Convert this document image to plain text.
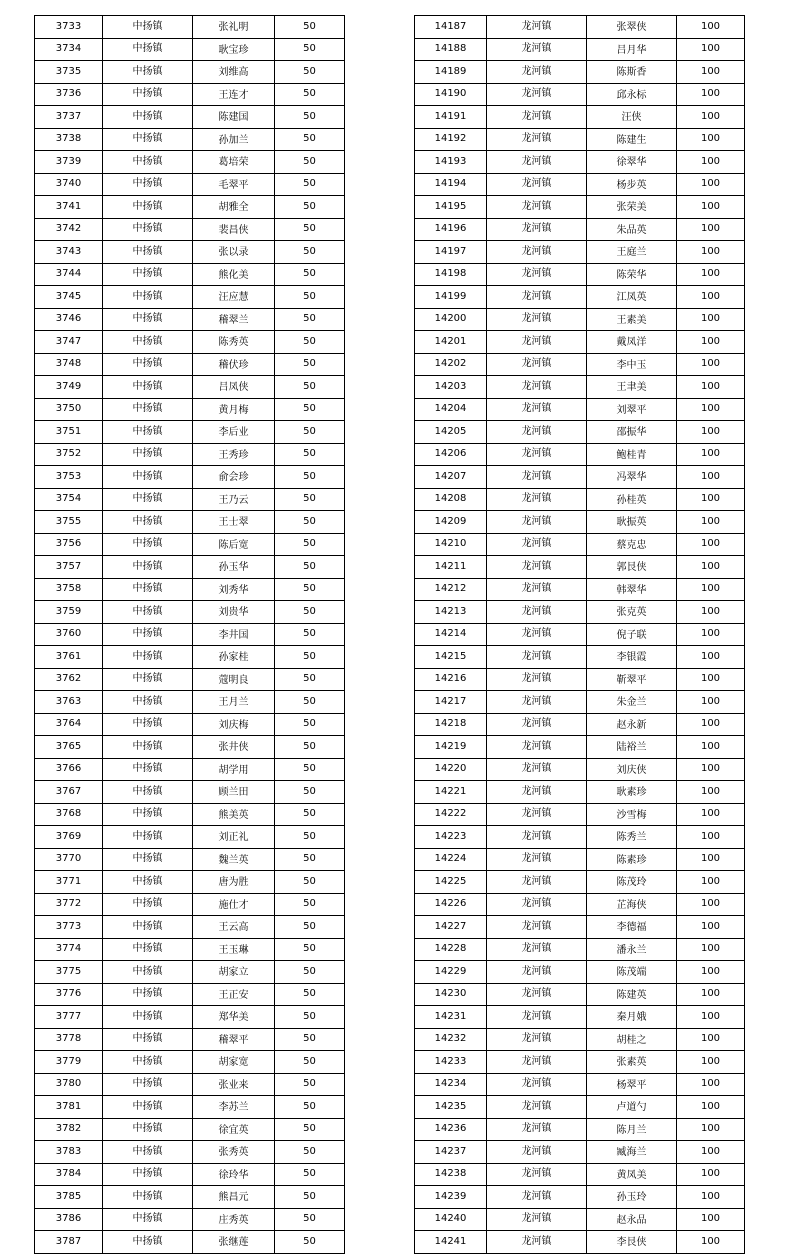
3733	中扬镇	张礼明	50
3734	中扬镇	耿宝珍	50
3735	中扬镇	刘维高	50
3736	中扬镇	王连才	50
3737	中扬镇	陈建国	50
3738	中扬镇	孙加兰	50
3739	中扬镇	葛培荣	50
3740	中扬镇	毛翠平	50
3741	中扬镇	胡雅全	50
3742	中扬镇	裴昌侠	50
3743	中扬镇	张以录	50
3744	中扬镇	熊化美	50
3745	中扬镇	汪应慧	50
3746	中扬镇	稽翠兰	50
3747	中扬镇	陈秀英	50
3748	中扬镇	稽伏珍	50
3749	中扬镇	吕凤侠	50
3750	中扬镇	黄月梅	50
3751	中扬镇	李后业	50
3752	中扬镇	王秀珍	50
3753	中扬镇	俞会珍	50
3754	中扬镇	王乃云	50
3755	中扬镇	王士翠	50
3756	中扬镇	陈后宽	50
3757	中扬镇	孙玉华	50
3758	中扬镇	刘秀华	50
3759	中扬镇	刘贵华	50
3760	中扬镇	李井国	50
3761	中扬镇	孙家桂	50
3762	中扬镇	蔻明良	50
3763	中扬镇	王月兰	50
3764	中扬镇	刘庆梅	50
3765	中扬镇	张井侠	50
3766	中扬镇	胡学用	50
3767	中扬镇	顾兰田	50
3768	中扬镇	熊美英	50
3769	中扬镇	刘正礼	50
3770	中扬镇	魏兰英	50
3771	中扬镇	唐为胜	50
3772	中扬镇	施仕才	50
3773	中扬镇	王云高	50
3774	中扬镇	王玉琳	50
3775	中扬镇	胡家立	50
3776	中扬镇	王正安	50
3777	中扬镇	郑华美	50
3778	中扬镇	稽翠平	50
3779	中扬镇	胡家宽	50
3780	中扬镇	张业来	50
3781	中扬镇	李苏兰	50
3782	中扬镇	徐宜英	50
3783	中扬镇	张秀英	50
3784	中扬镇	徐玲华	50
3785	中扬镇	熊昌元	50
3786	中扬镇	庄秀英	50
3787	中扬镇	张继莲	50
14187	龙河镇	张翠侠	100
14188	龙河镇	吕月华	100
14189	龙河镇	陈斯香	100
14190	龙河镇	邱永标	100
14191	龙河镇	汪侠	100
14192	龙河镇	陈建生	100
14193	龙河镇	徐翠华	100
14194	龙河镇	杨步英	100
14195	龙河镇	张荣美	100
14196	龙河镇	朱品英	100
14197	龙河镇	王庭兰	100
14198	龙河镇	陈荣华	100
14199	龙河镇	江凤英	100
14200	龙河镇	王素美	100
14201	龙河镇	戴凤洋	100
14202	龙河镇	李中玉	100
14203	龙河镇	王聿美	100
14204	龙河镇	刘翠平	100
14205	龙河镇	邵振华	100
14206	龙河镇	鲍桂青	100
14207	龙河镇	冯翠华	100
14208	龙河镇	孙桂英	100
14209	龙河镇	耿振英	100
14210	龙河镇	蔡克忠	100
14211	龙河镇	郭艮侠	100
14212	龙河镇	韩翠华	100
14213	龙河镇	张克英	100
14214	龙河镇	倪子联	100
14215	龙河镇	李银霞	100
14216	龙河镇	靳翠平	100
14217	龙河镇	朱金兰	100
14218	龙河镇	赵永新	100
14219	龙河镇	陆裕兰	100
14220	龙河镇	刘庆侠	100
14221	龙河镇	耿素珍	100
14222	龙河镇	沙雪梅	100
14223	龙河镇	陈秀兰	100
14224	龙河镇	陈素珍	100
14225	龙河镇	陈茂玲	100
14226	龙河镇	芷海侠	100
14227	龙河镇	李德福	100
14228	龙河镇	潘永兰	100
14229	龙河镇	陈茂端	100
14230	龙河镇	陈建英	100
14231	龙河镇	秦月娥	100
14232	龙河镇	胡桂之	100
14233	龙河镇	张素英	100
14234	龙河镇	杨翠平	100
14235	龙河镇	卢道勺	100
14236	龙河镇	陈月兰	100
14237	龙河镇	臧海兰	100
14238	龙河镇	黄凤美	100
14239	龙河镇	孙玉玲	100
14240	龙河镇	赵永品	100
14241	龙河镇	李艮侠	100
